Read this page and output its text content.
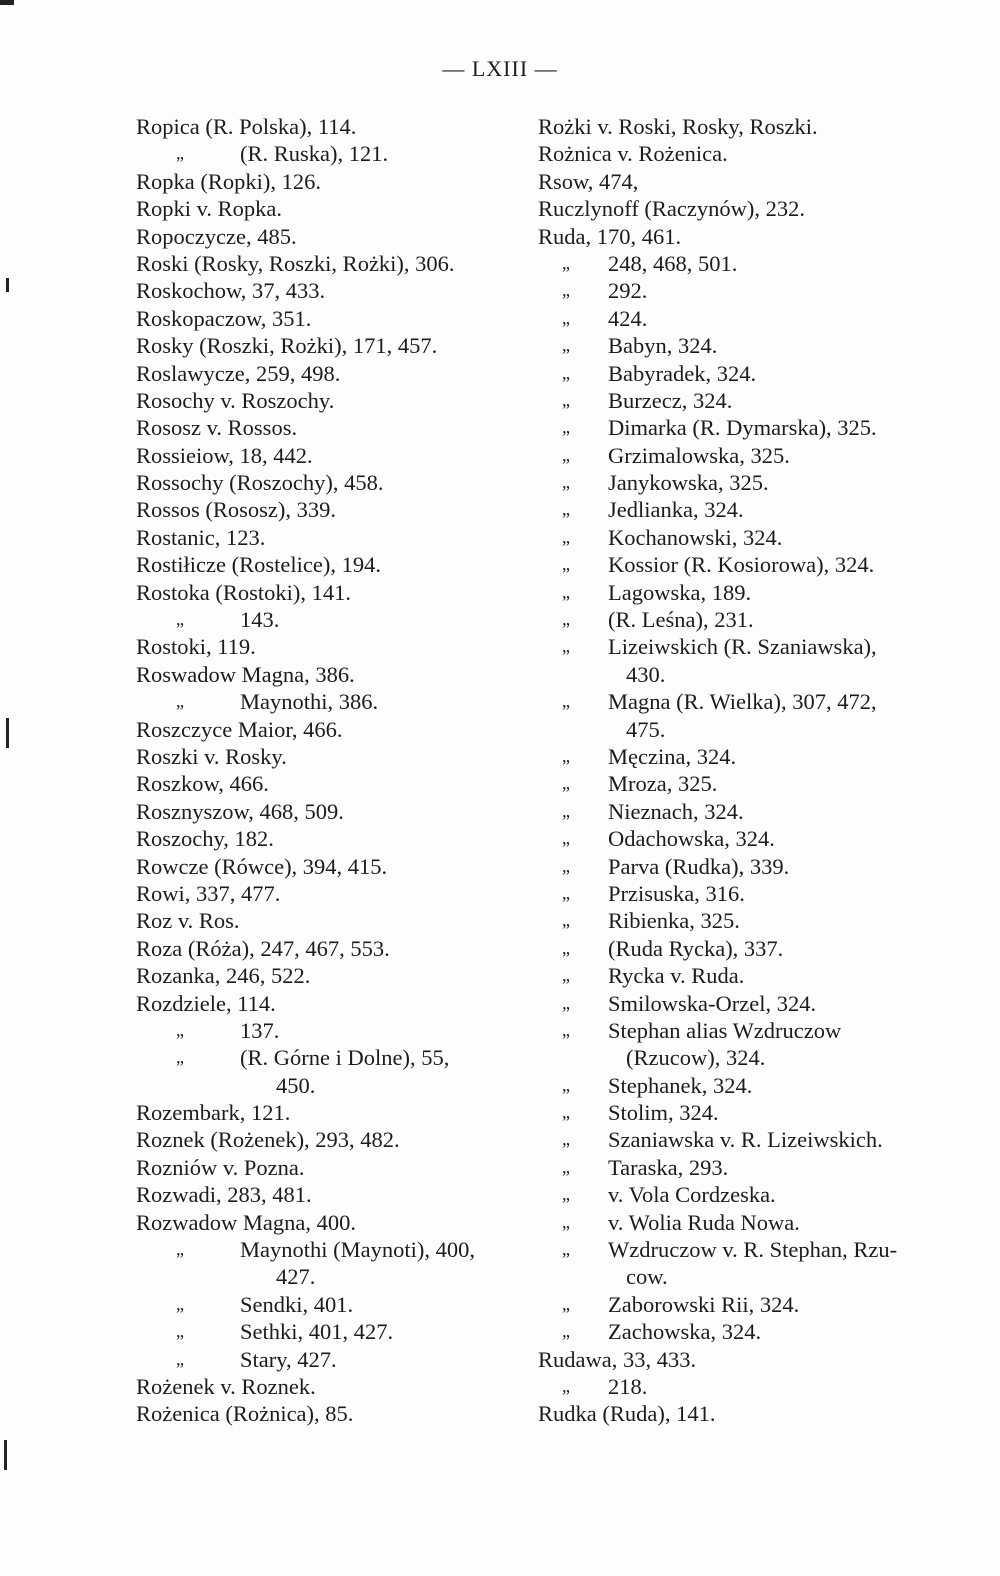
— LXIII —
Ropica (R. Polska), 114.
„ (R. Ruska), 121.
Ropka (Ropki), 126.
Ropki v. Ropka.
Ropoczycze, 485.
Roski (Rosky, Roszki, Rożki), 306.
Roskochow, 37, 433.
Roskopaczow, 351.
Rosky (Roszki, Rożki), 171, 457.
Roslawycze, 259, 498.
Rosochy v. Roszochy.
Rososz v. Rossos.
Rossieiow, 18, 442.
Rossochy (Roszochy), 458.
Rossos (Rososz), 339.
Rostanic, 123.
Rostiłicze (Rostelice), 194.
Rostoka (Rostoki), 141.
„ 143.
Rostoki, 119.
Roswadow Magna, 386.
„ Maynothi, 386.
Roszczyce Maior, 466.
Roszki v. Rosky.
Roszkow, 466.
Rosznyszow, 468, 509.
Roszochy, 182.
Rowcze (Rówce), 394, 415.
Rowi, 337, 477.
Roz v. Ros.
Roza (Róża), 247, 467, 553.
Rozanka, 246, 522.
Rozdziele, 114.
„ 137.
„ (R. Górne i Dolne), 55,
450.
Rozembark, 121.
Roznek (Rożenek), 293, 482.
Rozniów v. Pozna.
Rozwadi, 283, 481.
Rozwadow Magna, 400.
„ Maynothi (Maynoti), 400,
427.
„ Sendki, 401.
„ Sethki, 401, 427.
„ Stary, 427.
Rożenek v. Roznek.
Rożenica (Rożnica), 85.
Rożki v. Roski, Rosky, Roszki.
Rożnica v. Rożenica.
Rsow, 474,
Ruczlynoff (Raczynów), 232.
Ruda, 170, 461.
„ 248, 468, 501.
„ 292.
„ 424.
„ Babyn, 324.
„ Babyradek, 324.
„ Burzecz, 324.
„ Dimarka (R. Dymarska), 325.
„ Grzimalowska, 325.
„ Janykowska, 325.
„ Jedlianka, 324.
„ Kochanowski, 324.
„ Kossior (R. Kosiorowa), 324.
„ Lagowska, 189.
„ (R. Leśna), 231.
„ Lizeiwskich (R. Szaniawska),
430.
„ Magna (R. Wielka), 307, 472,
475.
„ Męczina, 324.
„ Mroza, 325.
„ Nieznach, 324.
„ Odachowska, 324.
„ Parva (Rudka), 339.
„ Przisuska, 316.
„ Ribienka, 325.
„ (Ruda Rycka), 337.
„ Rycka v. Ruda.
„ Smilowska-Orzel, 324.
„ Stephan alias Wzdruczow
(Rzucow), 324.
„ Stephanek, 324.
„ Stolim, 324.
„ Szaniawska v. R. Lizeiwskich.
„ Taraska, 293.
„ v. Vola Cordzeska.
„ v. Wolia Ruda Nowa.
„ Wzdruczow v. R. Stephan, Rzu-
cow.
„ Zaborowski Rii, 324.
„ Zachowska, 324.
Rudawa, 33, 433.
„ 218.
Rudka (Ruda), 141.
